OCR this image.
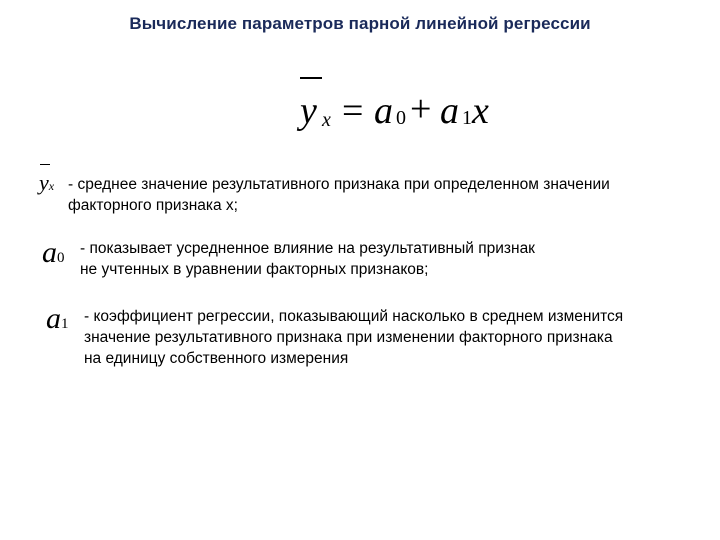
Вычисление параметров парной линейной регрессии
y x = a 0 + a 1 x
yx - среднее значение результативного признака при определенном значении
факторного признака х;
a0
- показывает усредненное влияние на результативный признак
не учтенных в уравнении факторных признаков;
a1 - коэффициент регрессии, показывающий насколько в среднем изменится
значение результативного признака при изменении факторного признака
на единицу собственного измерения
